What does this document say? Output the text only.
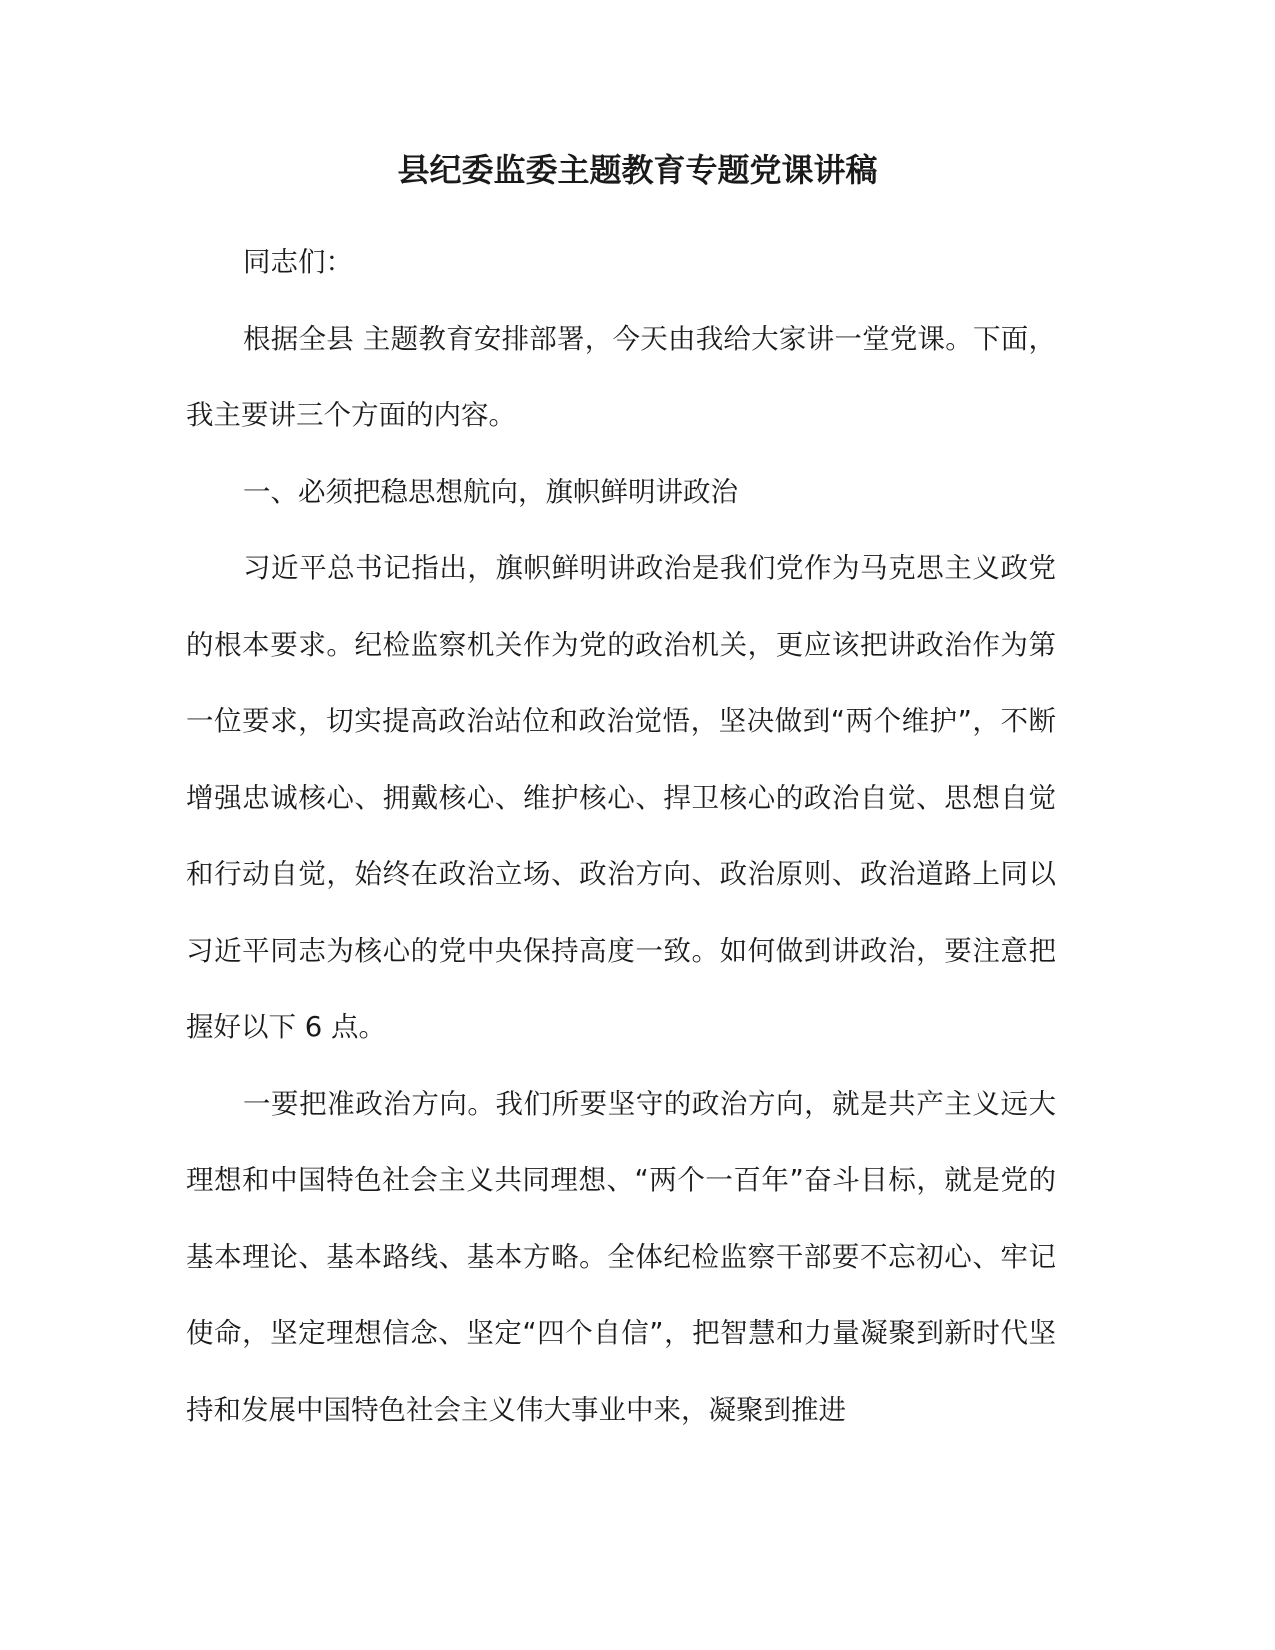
县纪委监委主题教育专题党课讲稿

同志们：

根据全县 主题教育安排部署，今天由我给大家讲一堂党课。下面，我主要讲三个方面的内容。

一、必须把稳思想航向，旗帜鲜明讲政治

习近平总书记指出，旗帜鲜明讲政治是我们党作为马克思主义政党的根本要求。纪检监察机关作为党的政治机关，更应该把讲政治作为第一位要求，切实提高政治站位和政治觉悟，坚决做到“两个维护”，不断增强忠诚核心、拥戴核心、维护核心、捍卫核心的政治自觉、思想自觉和行动自觉，始终在政治立场、政治方向、政治原则、政治道路上同以习近平同志为核心的党中央保持高度一致。如何做到讲政治，要注意把握好以下 6 点。

一要把准政治方向。我们所要坚守的政治方向，就是共产主义远大理想和中国特色社会主义共同理想、“两个一百年”奋斗目标，就是党的基本理论、基本路线、基本方略。全体纪检监察干部要不忘初心、牢记使命，坚定理想信念、坚定“四个自信”，把智慧和力量凝聚到新时代坚持和发展中国特色社会主义伟大事业中来，凝聚到推进
